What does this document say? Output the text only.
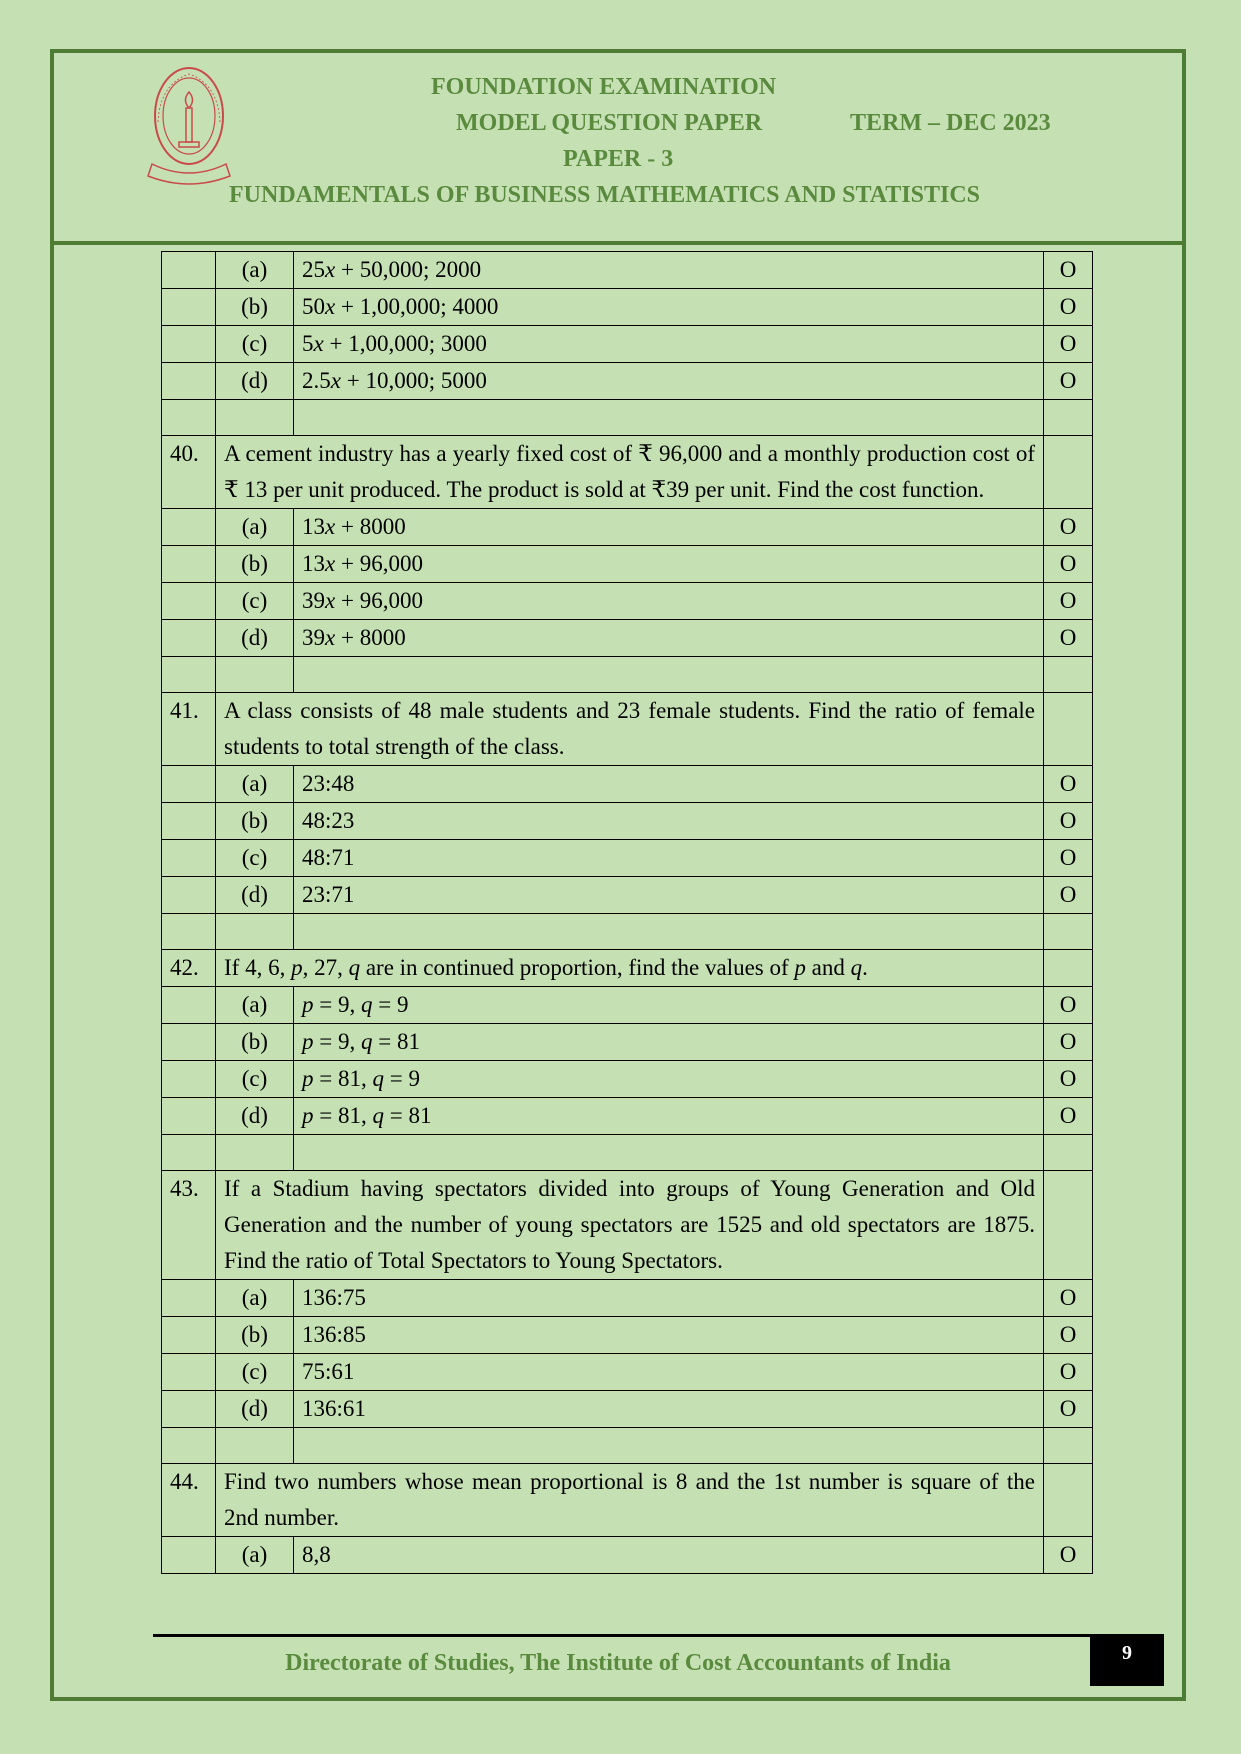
FOUNDATION EXAMINATION
MODEL QUESTION PAPER	TERM – DEC 2023
PAPER - 3
FUNDAMENTALS OF BUSINESS MATHEMATICS AND STATISTICS
	(a)	25x + 50,000; 2000	O
	(b)	50x + 1,00,000; 4000	O
	(c)	5x + 1,00,000; 3000	O
	(d)	2.5x + 10,000; 5000	O

40.	A cement industry has a yearly fixed cost of ₹ 96,000 and a monthly production cost of ₹ 13 per unit produced. The product is sold at ₹39 per unit. Find the cost function.		
	(a)	13x + 8000	O
	(b)	13x + 96,000	O
	(c)	39x + 96,000	O
	(d)	39x + 8000	O

41.	A class consists of 48 male students and 23 female students. Find the ratio of female students to total strength of the class.		
	(a)	23:48	O
	(b)	48:23	O
	(c)	48:71	O
	(d)	23:71	O

42.	If 4, 6, p, 27, q are in continued proportion, find the values of p and q.		
	(a)	p = 9, q = 9	O
	(b)	p = 9, q = 81	O
	(c)	p = 81, q = 9	O
	(d)	p = 81, q = 81	O

43.	If a Stadium having spectators divided into groups of Young Generation and Old Generation and the number of young spectators are 1525 and old spectators are 1875. Find the ratio of Total Spectators to Young Spectators.		
	(a)	136:75	O
	(b)	136:85	O
	(c)	75:61	O
	(d)	136:61	O

44.	Find two numbers whose mean proportional is 8 and the 1st number is square of the 2nd number.		
	(a)	8,8	O
Directorate of Studies, The Institute of Cost Accountants of India	9
